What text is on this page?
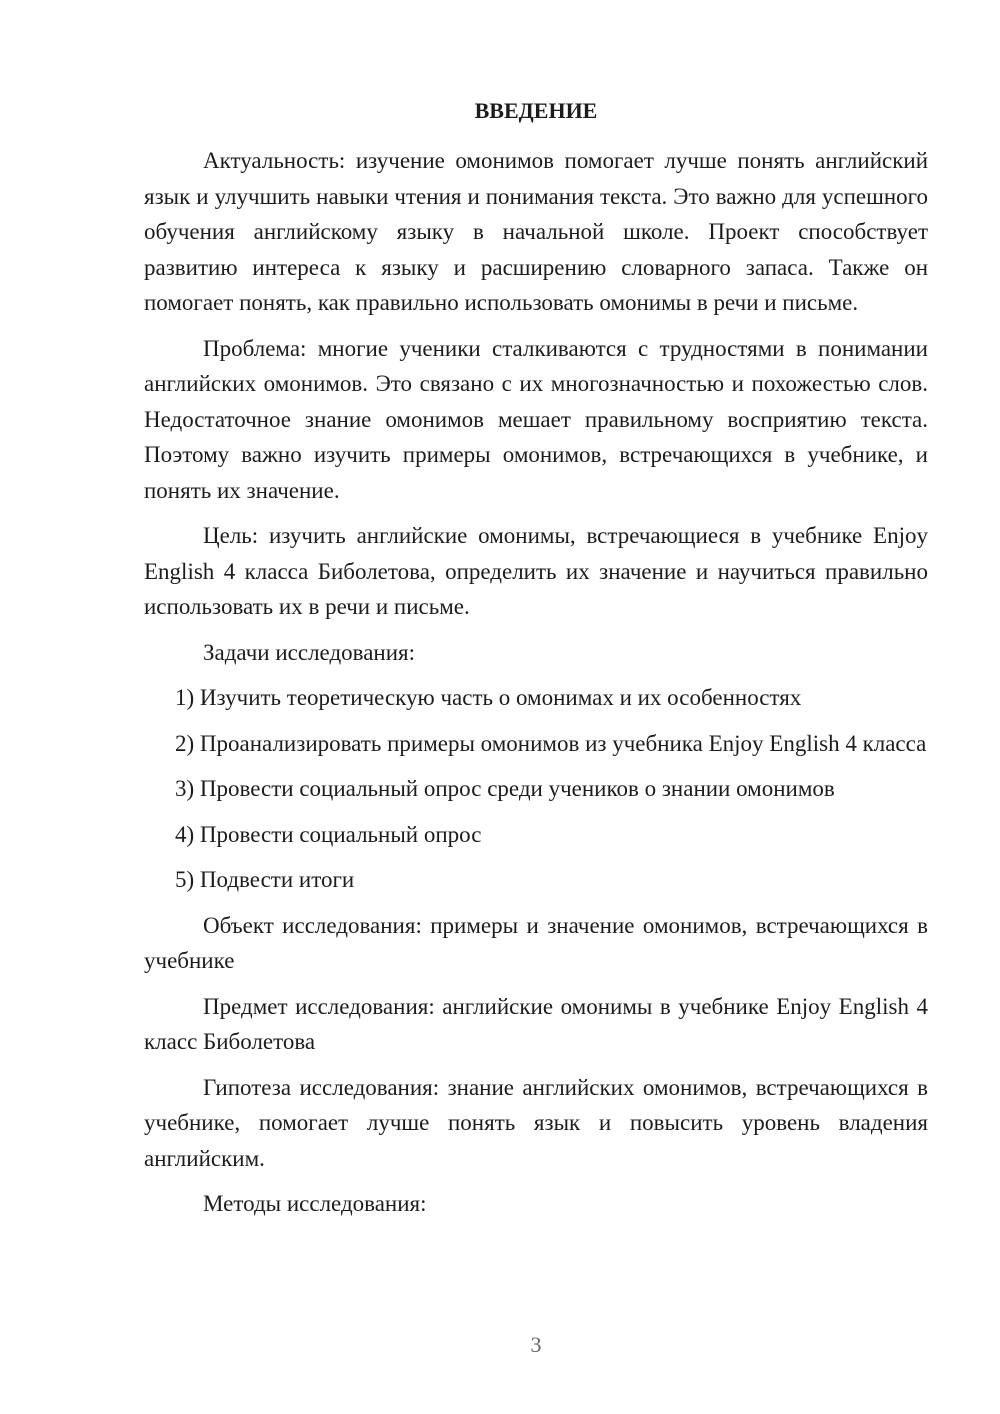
ВВЕДЕНИЕ

Актуальность: изучение омонимов помогает лучше понять английский язык и улучшить навыки чтения и понимания текста. Это важно для успешного обучения английскому языку в начальной школе. Проект способствует развитию интереса к языку и расширению словарного запаса. Также он помогает понять, как правильно использовать омонимы в речи и письме.

Проблема: многие ученики сталкиваются с трудностями в понимании английских омонимов. Это связано с их многозначностью и похожестью слов. Недостаточное знание омонимов мешает правильному восприятию текста. Поэтому важно изучить примеры омонимов, встречающихся в учебнике, и понять их значение.

Цель: изучить английские омонимы, встречающиеся в учебнике Enjoy English 4 класса Биболетова, определить их значение и научиться правильно использовать их в речи и письме.

Задачи исследования:

1) Изучить теоретическую часть о омонимах и их особенностях

2) Проанализировать примеры омонимов из учебника Enjoy English 4 класса

3) Провести социальный опрос среди учеников о знании омонимов

4) Провести социальный опрос

5) Подвести итоги

Объект исследования: примеры и значение омонимов, встречающихся в учебнике

Предмет исследования: английские омонимы в учебнике Enjoy English 4 класс Биболетова

Гипотеза исследования: знание английских омонимов, встречающихся в учебнике, помогает лучше понять язык и повысить уровень владения английским.

Методы исследования:

3
